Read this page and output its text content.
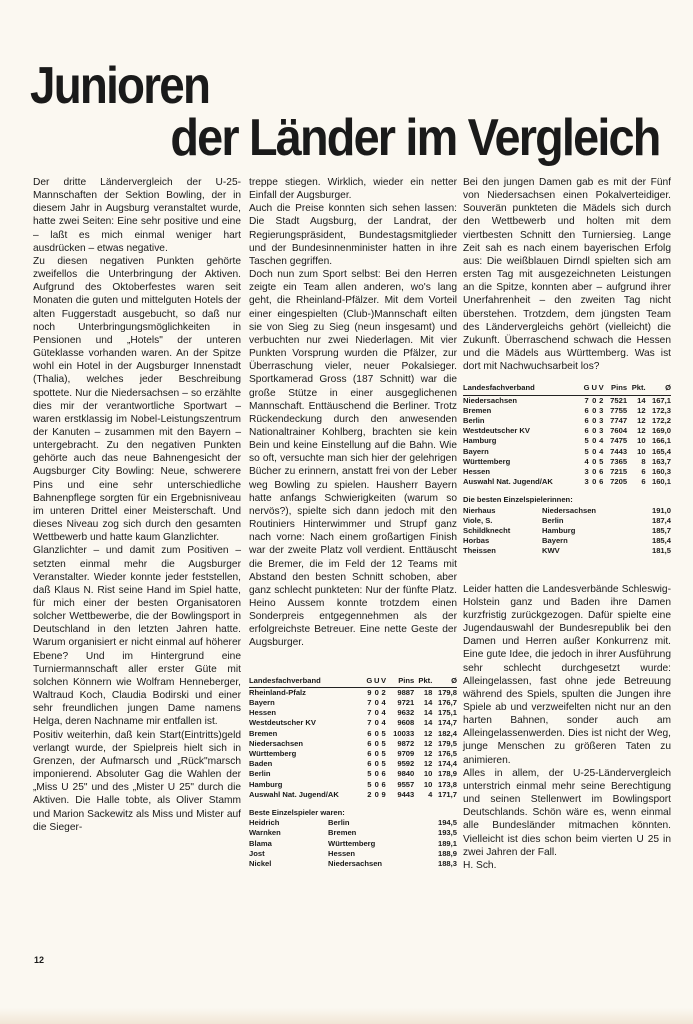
Junioren
der Länder im Vergleich

Der dritte Ländervergleich der U-25-Mannschaften der Sektion Bowling, der in diesem Jahr in Augsburg veranstaltet wurde, hatte zwei Seiten: Eine sehr positive und eine – laßt es mich einmal weniger hart ausdrücken – etwas negative.

Zu diesen negativen Punkten gehörte zweifellos die Unterbringung der Aktiven. Aufgrund des Oktoberfestes waren seit Monaten die guten und mittelguten Hotels der alten Fuggerstadt ausgebucht, so daß nur noch Unterbringungsmöglichkeiten in Pensionen und „Hotels" der unteren Güteklasse vorhanden waren. An der Spitze wohl ein Hotel in der Augsburger Innenstadt (Thalia), welches jeder Beschreibung spottete. Nur die Niedersachsen – so erzählte dies mir der verantwortliche Sportwart – waren erstklassig im Nobel-Leistungszentrum der Kanuten – zusammen mit den Bayern – untergebracht. Zu den negativen Punkten gehörte auch das neue Bahnengesicht der Augsburger City Bowling: Neue, schwerere Pins und eine sehr unterschiedliche Bahnenpflege sorgten für ein Ergebnisniveau im unteren Drittel einer Meisterschaft. Und dieses Niveau zog sich durch den gesamten Wettbewerb und hatte kaum Glanzlichter.

Glanzlichter – und damit zum Positiven – setzten einmal mehr die Augsburger Veranstalter. Wieder konnte jeder feststellen, daß Klaus N. Rist seine Hand im Spiel hatte, für mich einer der besten Organisatoren solcher Wettbewerbe, die der Bowlingsport in Deutschland in den letzten Jahren hatte. Warum organisiert er nicht einmal auf höherer Ebene? Und im Hintergrund eine Turniermannschaft aller erster Güte mit solchen Könnern wie Wolfram Henneberger, Waltraud Koch, Claudia Bodirski und einer sehr freundlichen jungen Dame namens Helga, deren Nachname mir entfallen ist.

Positiv weiterhin, daß kein Start(Eintritts)geld verlangt wurde, der Spielpreis hielt sich in Grenzen, der Aufmarsch und „Rück"marsch imponierend. Absoluter Gag die Wahlen der „Miss U 25" und des „Mister U 25" durch die Aktiven. Die Halle tobte, als Oliver Stamm und Marion Sackewitz als Miss und Mister auf die Sieger-

treppe stiegen. Wirklich, wieder ein netter Einfall der Augsburger.

Auch die Preise konnten sich sehen lassen: Die Stadt Augsburg, der Landrat, der Regierungspräsident, Bundestagsmitglieder und der Bundesinnenminister hatten in ihre Taschen gegriffen.

Doch nun zum Sport selbst: Bei den Herren zeigte ein Team allen anderen, wo's lang geht, die Rheinland-Pfälzer. Mit dem Vorteil einer eingespielten (Club-)Mannschaft eilten sie von Sieg zu Sieg (neun insgesamt) und verbuchten nur zwei Niederlagen. Mit vier Punkten Vorsprung wurden die Pfälzer, zur Überraschung vieler, neuer Pokalsieger. Sportkamerad Gross (187 Schnitt) war die große Stütze in einer ausgeglichenen Mannschaft. Enttäuschend die Berliner. Trotz Rückendeckung durch den anwesenden Nationaltrainer Kohlberg, brachten sie kein Bein und keine Einstellung auf die Bahn. Wie so oft, versuchte man sich hier der gelehrigen Bücher zu erinnern, anstatt frei von der Leber weg Bowling zu spielen. Hausherr Bayern hatte anfangs Schwierigkeiten (warum so nervös?), spielte sich dann jedoch mit den Routiniers Hinterwimmer und Strupf ganz nach vorne: Nach einem großartigen Finish war der zweite Platz voll verdient. Enttäuscht die Bremer, die im Feld der 12 Teams mit Abstand den besten Schnitt schoben, aber ganz schlecht punkteten: Nur der fünfte Platz. Heino Aussem konnte trotzdem einen Sonderpreis entgegennehmen als der erfolgreichste Betreuer. Eine nette Geste der Augsburger.

Landesfachverband	G	U	V	Pins	Pkt.	Ø
Rheinland-Pfalz	9	0	2	9887	18	179,8
Bayern	7	0	4	9721	14	176,7
Hessen	7	0	4	9632	14	175,1
Westdeutscher KV	7	0	4	9608	14	174,7
Bremen	6	0	5	10033	12	182,4
Niedersachsen	6	0	5	9872	12	179,5
Württemberg	6	0	5	9709	12	176,5
Baden	6	0	5	9592	12	174,4
Berlin	5	0	6	9840	10	178,9
Hamburg	5	0	6	9557	10	173,8
Auswahl Nat. Jugend/AK	2	0	9	9443	4	171,7
Beste Einzelspieler waren:
Heidrich	Berlin	194,5
Warnken	Bremen	193,5
Blama	Württemberg	189,1
Jost	Hessen	188,9
Nickel	Niedersachsen	188,3

Bei den jungen Damen gab es mit der Fünf von Niedersachsen einen Pokalverteidiger. Souverän punkteten die Mädels sich durch den Wettbewerb und holten mit dem viertbesten Schnitt den Turniersieg. Lange Zeit sah es nach einem bayerischen Erfolg aus: Die weißblauen Dirndl spielten sich am ersten Tag mit ausgezeichneten Leistungen an die Spitze, konnten aber – aufgrund ihrer Unerfahrenheit – den zweiten Tag nicht überstehen. Trotzdem, dem jüngsten Team des Ländervergleichs gehört (vielleicht) die Zukunft. Überraschend schwach die Hessen und die Mädels aus Württemberg. Was ist dort mit Nachwuchsarbeit los?

Landesfachverband	G	U	V	Pins	Pkt.	Ø
Niedersachsen	7	0	2	7521	14	167,1
Bremen	6	0	3	7755	12	172,3
Berlin	6	0	3	7747	12	172,2
Westdeutscher KV	6	0	3	7604	12	169,0
Hamburg	5	0	4	7475	10	166,1
Bayern	5	0	4	7443	10	165,4
Württemberg	4	0	5	7365	8	163,7
Hessen	3	0	6	7215	6	160,3
Auswahl Nat. Jugend/AK	3	0	6	7205	6	160,1
Die besten Einzelspielerinnen:
Nierhaus	Niedersachsen	191,0
Viole, S.	Berlin	187,4
Schildknecht	Hamburg	185,7
Horbas	Bayern	185,4
Theissen	KWV	181,5

Leider hatten die Landesverbände Schleswig-Holstein ganz und Baden ihre Damen kurzfristig zurückgezogen. Dafür spielte eine Jugendauswahl der Bundesrepublik bei den Damen und Herren außer Konkurrenz mit. Eine gute Idee, die jedoch in ihrer Ausführung sehr schlecht durchgesetzt wurde: Alleingelassen, fast ohne jede Betreuung während des Spiels, spulten die Jungen ihre Spiele ab und verzweifelten nicht nur an den harten Bahnen, sonder auch am Alleingelassenwerden. Dies ist nicht der Weg, junge Menschen zu größeren Taten zu animieren.

Alles in allem, der U-25-Ländervergleich unterstrich einmal mehr seine Berechtigung und seinen Stellenwert im Bowlingsport Deutschlands. Schön wäre es, wenn einmal alle Bundesländer mitmachen könnten. Vielleicht ist dies schon beim vierten U 25 in zwei Jahren der Fall.

H. Sch.

12
